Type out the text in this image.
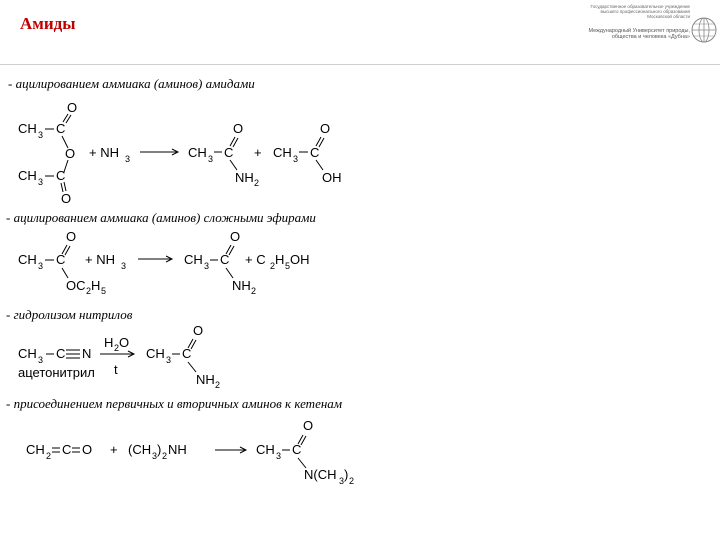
Амиды
Государственное образовательное учреждение высшего профессионального образования Московской области
Международный Университет природы, общества и человека «Дубна»
- ацилированием аммиака (аминов) амидами
- ацилированием аммиака (аминов) сложными эфирами
- гидролизом нитрилов
- присоединением первичных и вторичных аминов к кетенам
ацетонитрил
CH 3 C
O
O
CH 3 C
O
+ NH 3	CH 3 C
O
NH 2
+ CH 3 C
O
OH
CH 3 C
O
OC 2 H 5
+ NH 3	CH 3 C
O
NH 2
+ C 2 H 5 OH
CH 3 C N
H 2 O
t
CH 3 C
O
NH 2
CH 2 C O + (CH 3 ) 2 NH	CH 3 C
O
N(CH 3 ) 2
